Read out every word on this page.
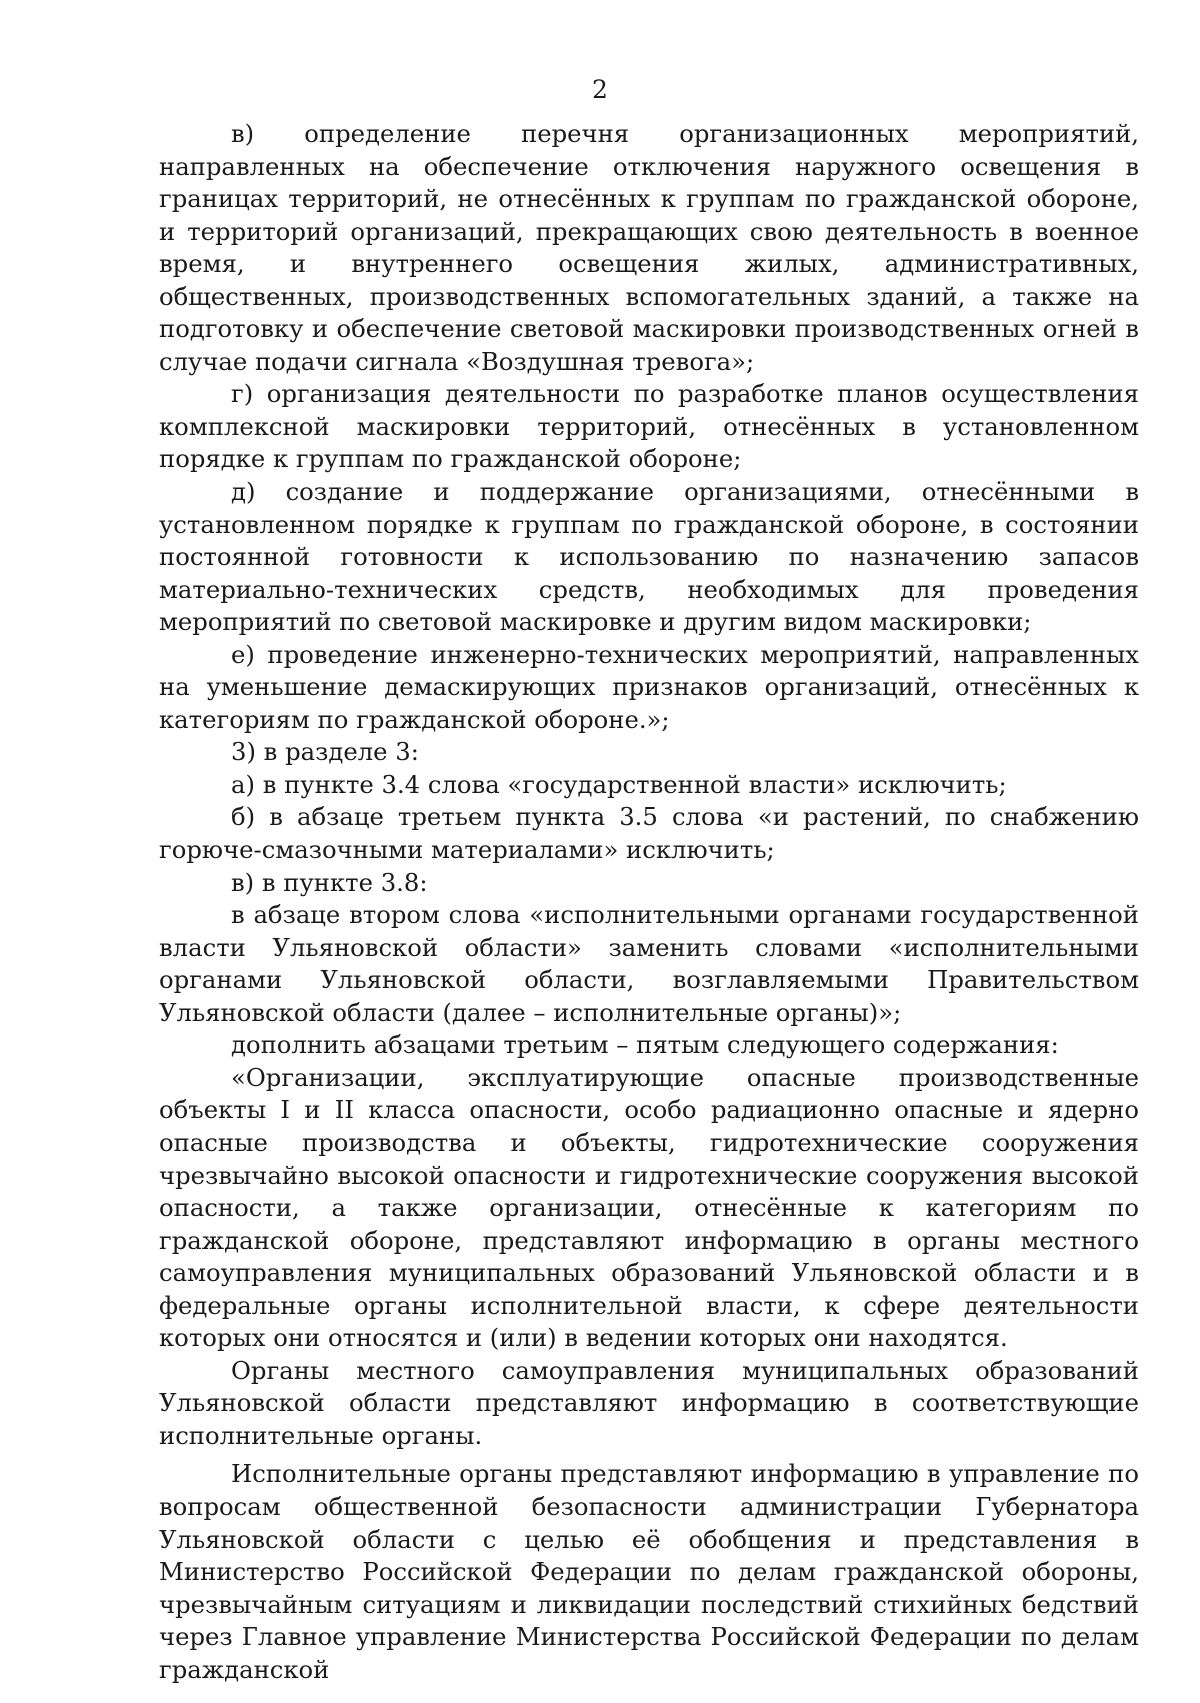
2

в) определение перечня организационных мероприятий, направленных на обеспечение отключения наружного освещения в границах территорий, не отнесённых к группам по гражданской обороне, и территорий организаций, прекращающих свою деятельность в военное время, и внутреннего освещения жилых, административных, общественных, производственных вспомогательных зданий, а также на подготовку и обеспечение световой маскировки производственных огней в случае подачи сигнала «Воздушная тревога»;

г) организация деятельности по разработке планов осуществления комплексной маскировки территорий, отнесённых в установленном порядке к группам по гражданской обороне;

д) создание и поддержание организациями, отнесёнными в установленном порядке к группам по гражданской обороне, в состоянии постоянной готовности к использованию по назначению запасов материально-технических средств, необходимых для проведения мероприятий по световой маскировке и другим видом маскировки;

е) проведение инженерно-технических мероприятий, направленных на уменьшение демаскирующих признаков организаций, отнесённых к категориям по гражданской обороне.»;

3) в разделе 3:

а) в пункте 3.4 слова «государственной власти» исключить;

б) в абзаце третьем пункта 3.5 слова «и растений, по снабжению горюче-смазочными материалами» исключить;

в) в пункте 3.8:

в абзаце втором слова «исполнительными органами государственной власти Ульяновской области» заменить словами «исполнительными органами Ульяновской области, возглавляемыми Правительством Ульяновской области (далее – исполнительные органы)»;

дополнить абзацами третьим – пятым следующего содержания:

«Организации, эксплуатирующие опасные производственные объекты I и II класса опасности, особо радиационно опасные и ядерно опасные производства и объекты, гидротехнические сооружения чрезвычайно высокой опасности и гидротехнические сооружения высокой опасности, а также организации, отнесённые к категориям по гражданской обороне, представляют информацию в органы местного самоуправления муниципальных образований Ульяновской области и в федеральные органы исполнительной власти, к сфере деятельности которых они относятся и (или) в ведении которых они находятся.

Органы местного самоуправления муниципальных образований Ульяновской области представляют информацию в соответствующие исполнительные органы.

Исполнительные органы представляют информацию в управление по вопросам общественной безопасности администрации Губернатора Ульяновской области с целью её обобщения и представления в Министерство Российской Федерации по делам гражданской обороны, чрезвычайным ситуациям и ликвидации последствий стихийных бедствий через Главное управление Министерства Российской Федерации по делам гражданской
